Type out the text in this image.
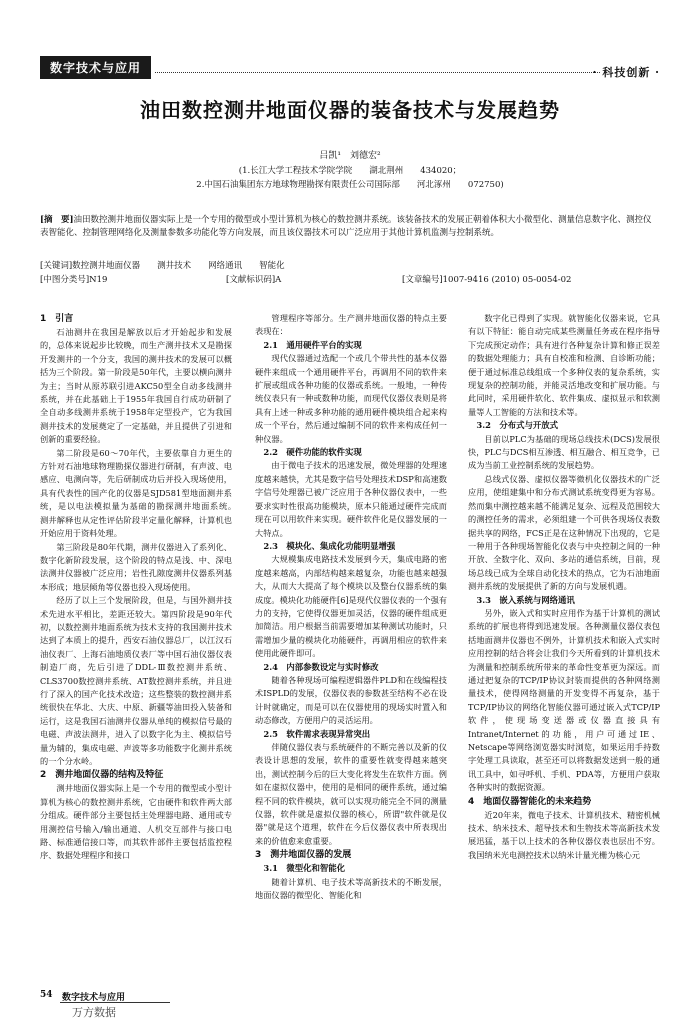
数字技术与应用	· 科技创新 ·
油田数控测井地面仪器的装备技术与发展趋势
吕凯¹　刘德宏²
(1.长江大学工程技术学院学院　　湖北荆州　　434020；
2.中国石油集团东方地球物理勘探有限责任公司国际部　　河北涿州　　072750)
[摘　要]油田数控测井地面仪器实际上是一个专用的微型或小型计算机为核心的数控测井系统。该装备技术的发展正朝着体积大小微型化、测量信息数字化、测控仪表智能化、控制管理网络化及测量参数多功能化等方向发展，而且该仪器技术可以广泛应用于其他计算机监测与控制系统。
[关键词]数控测井地面仪器　　测井技术　　网络通讯　　智能化
[中图分类号]N19	[文献标识码]A	[文章编号]1007-9416 (2010) 05-0054-02
1　引言

石油测井在我国是解放以后才开始起步和发展的，总体来说起步比较晚，而生产测井技术又是勘探开发测井的一个分支，我国的测井技术的发展可以概括为三个阶段。第一阶段是50年代，主要以横向测井为主；当时从原苏联引进AKC50型全自动多线测井系统，并在此基础上于1955年我国自行成功研制了全自动多线测井系统于1958年定型投产，它为我国测井技术的发展奠定了一定基础，并且提供了引进和创新的重要经验。

第二阶段是60～70年代，主要依靠自力更生的方针对石油地球物理勘探仪器进行研制，有声波、电感应、电测向等，先后研制成功后并投入现场使用，具有代表性的国产化的仪器是SJD581型地面测井系统，是以电法模拟量为基础的勘探测井地面系统。　测井解释也从定性评估阶段半定量化解释，计算机也开始应用于资料处理。

第三阶段是80年代期，测井仪器进入了系列化、数字化新阶段发展，这个阶段的特点是浅、中、深电法测井仪器被广泛应用；岩性孔隙度测井仪器系列基本形成；地层倾角等仪器也投入现场使用。

经历了以上三个发展阶段，但是，与国外测井技术先进水平相比，差距还较大。第四阶段是90年代初，以数控测井地面系统为技术支持的我国测井技术达到了本质上的提升，西安石油仪器总厂，以江汉石油仪表厂、上海石油地质仪表厂等中国石油仪器仪表制造厂商，先后引进了DDL-Ⅲ数控测井系统、CLS3700数控测井系统、AT数控测井系统，并且进行了深入的国产化技术改造；这些整装的数控测井系统很快在华北、大庆、中原、新疆等油田投入装备和运行，这是我国石油测井仪器从单纯的模拟信号最的电磁、声波法测井，进入了以数字化为主、模拟信号量为辅的，集成电磁、声波等多功能数字化测井系统的一个分水岭。

2　测井地面仪器的结构及特征

测井地面仪器实际上是一个专用的微型或小型计算机为核心的数控测井系统，它由硬件和软件两大部分组成。硬件部分主要包括主处理器电路、通用或专用测控信号输入/输出通道、人机交互部件与接口电路、标准通信接口等，而其软件部件主要包括监控程序、数据处理程序和接口

管理程序等部分。生产测井地面仪器的特点主要表现在：

2.1　通用硬件平台的实现

现代仪器通过选配一个或几个带共性的基本仪器硬件来组成一个通用硬件平台，再调用不同的软件来扩展或组成各种功能的仪器或系统。一般地，一种传统仪表只有一种或数种功能，而现代仪器仪表则是将具有上述一种或多种功能的通用硬件模块组合起来构成一个平台，然后通过编制不同的软件来构成任何一种仪器。

2.2　硬件功能的软件实现

由于微电子技术的迅速发展，微处理器的处理速度越来越快，尤其是数字信号处理技术DSP和高速数字信号处理器已被广泛应用于各种仪器仪表中，一些要求实时性很高功能模块，原本只能通过硬件完成而现在可以用软件来实现。硬件软件化是仪器发展的一大特点。

2.3　模块化、集成化功能明显增强

大规模集成电路技术发展到今天，集成电路的密度越来越高，内部结构越来越复杂，功能也越来越强大，从而大大提高了每个模块以及整台仪器系统的集成度。模块化功能硬件[6]是现代仪器仪表的一个强有力的支持，它使得仪器更加灵活，仪器的硬件组成更加简洁。用户根据当前需要增加某种测试功能时，只需增加少量的模块化功能硬件，再调用相应的软件来使用此硬件即可。

2.4　内部参数设定与实时修改

随着各种现场可编程逻辑器件PLD和在线编程技术ISPLD的发展，仪器仪表的参数甚至结构不必在设计时就确定，而是可以在仪器使用的现场实时置入和动态修改，方便用户的灵活运用。

2.5　软件需求表现异常突出

伴随仪器仪表与系统硬件的不断完善以及新的仪表设计思想的发展，软件的重要性就变得越来越突出，测试控制今后的巨大变化将发生在软件方面。例如在虚拟仪器中，使用的是相同的硬件系统，通过编程不同的软件模块，就可以实现功能完全不同的测量仪器，软件就是虚拟仪器的核心，所谓"软件就是仪器"就是这个道理，软件在今后仪器仪表中所表现出来的价值愈来愈重要。

3　测井地面仪器的发展
3.1　微型化和智能化

随着计算机、电子技术等高新技术的不断发展，地面仪器的微型化、智能化和

数字化已得到了实现。就智能化仪器来说，它具有以下特征：能自动完成某些测量任务或在程序指导下完成预定动作；具有进行各种复杂计算和修正误差的数据处理能力；具有自校准和检测、自诊断功能；便于通过标准总线组成一个多种仪表的复杂系统，实现复杂的控制功能，并能灵活地改变和扩展功能。与此同时，采用硬件软化、软件集成、虚拟显示和软测量等人工智能的方法和技术等。

3.2　分布式与开放式

目前以PLC为基础的现场总线技术(DCS)发展很快，PLC与DCS相互渗透、相互融合、相互竞争，已成为当前工业控制系统的发展趋势。

总线式仪器、虚拟仪器等微机化仪器技术的广泛应用，使组建集中和分布式测试系统变得更为容易。然而集中测控越来越不能满足复杂、远程及范围较大的测控任务的需求，必须组建一个可供各现场仪表数据共享的网络，FCS正是在这种情况下出现的，它是一种用于各种现场智能化仪表与中央控制之间的一种开放、全数字化、双向、多站的通信系统，目前，现场总线已成为全球自动化技术的热点，它为石油地面测井系统的发展提供了新的方向与发展机遇。

3.3　嵌入系统与网络通讯

另外，嵌入式和实时应用作为基于计算机的测试系统的扩展也将得到迅速发展。各种测量仪器仪表包括地面测井仪器也不例外，计算机技术和嵌入式实时应用控制的结合将会让我们今天所看到的计算机技术为测量和控制系统所带来的革命性变革更为深远。而通过把复杂的TCP/IP协议封装而提供的各种网络测量技术，使得网络测量的开发变得不再复杂，基于TCP/IP协议的网络化智能仪器可通过嵌入式TCP/IP软件，使现场变送器或仪器直接具有Intranet/Internet的功能，用户可通过IE、Netscape等网络浏览器实时浏览，如果运用手持数字处理工具读取，甚至还可以将数据发送到一般的通讯工具中，如寻呼机、手机、PDA等，方便用户获取各种实时的数据资源。

4　地面仪器智能化的未来趋势

近20年来，微电子技术、计算机技术、精密机械技术、纳米技术、超导技术和生物技术等高新技术发展迅猛，基于以上技术的各种仪器仪表也层出不穷。我国纳米光电测控技术以纳米计量光栅为核心元

54 数字技术与应用
万方数据
